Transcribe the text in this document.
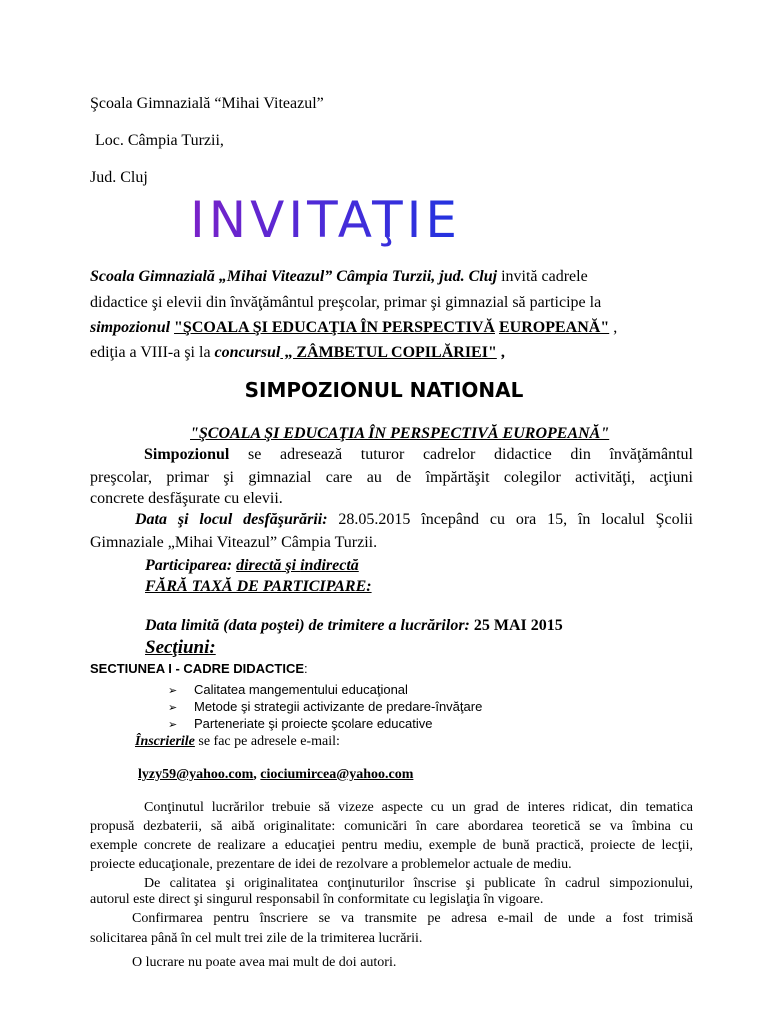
Şcoala Gimnazială “Mihai Viteazul”
Loc. Câmpia Turzii,
Jud. Cluj
INVITAŢIE
Scoala Gimnazială „Mihai Viteazul” Câmpia Turzii, jud. Cluj invită cadrele
didactice şi elevii din învăţământul preşcolar, primar şi gimnazial să participe la
simpozionul "ŞCOALA ŞI EDUCAŢIA ÎN PERSPECTIVĂ EUROPEANĂ" ,
ediţia a VIII-a şi la concursul „ ZÂMBETUL COPILĂRIEI" ,
SIMPOZIONUL NATIONAL
"ŞCOALA ŞI EDUCAŢIA ÎN PERSPECTIVĂ EUROPEANĂ"
Simpozionul se adresează tuturor cadrelor didactice din învăţământul
preşcolar, primar şi gimnazial care au de împărtăşit colegilor activităţi, acţiuni
concrete desfăşurate cu elevii.
Data şi locul desfăşurării: 28.05.2015 începând cu ora 15, în localul Şcolii
Gimnaziale „Mihai Viteazul” Câmpia Turzii.
Participarea: directă şi indirectă
FĂRĂ TAXĂ DE PARTICIPARE:
Data limită (data poştei) de trimitere a lucrărilor: 25 MAI 2015
Secţiuni:
SECTIUNEA I - CADRE DIDACTICE:
➢ Calitatea mangementului educaţional
➢ Metode şi strategii activizante de predare-învăţare
➢ Parteneriate şi proiecte şcolare educative
Înscrierile se fac pe adresele e-mail:
lyzy59@yahoo.com, ciociumircea@yahoo.com
Conţinutul lucrărilor trebuie să vizeze aspecte cu un grad de interes ridicat, din tematica
propusă dezbaterii, să aibă originalitate: comunicări în care abordarea teoretică se va îmbina cu
exemple concrete de realizare a educaţiei pentru mediu, exemple de bună practică, proiecte de lecţii,
proiecte educaţionale, prezentare de idei de rezolvare a problemelor actuale de mediu.
De calitatea şi originalitatea conţinuturilor înscrise şi publicate în cadrul simpozionului,
autorul este direct şi singurul responsabil în conformitate cu legislaţia în vigoare.
Confirmarea pentru înscriere se va transmite pe adresa e-mail de unde a fost trimisă
solicitarea până în cel mult trei zile de la trimiterea lucrării.
O lucrare nu poate avea mai mult de doi autori.
